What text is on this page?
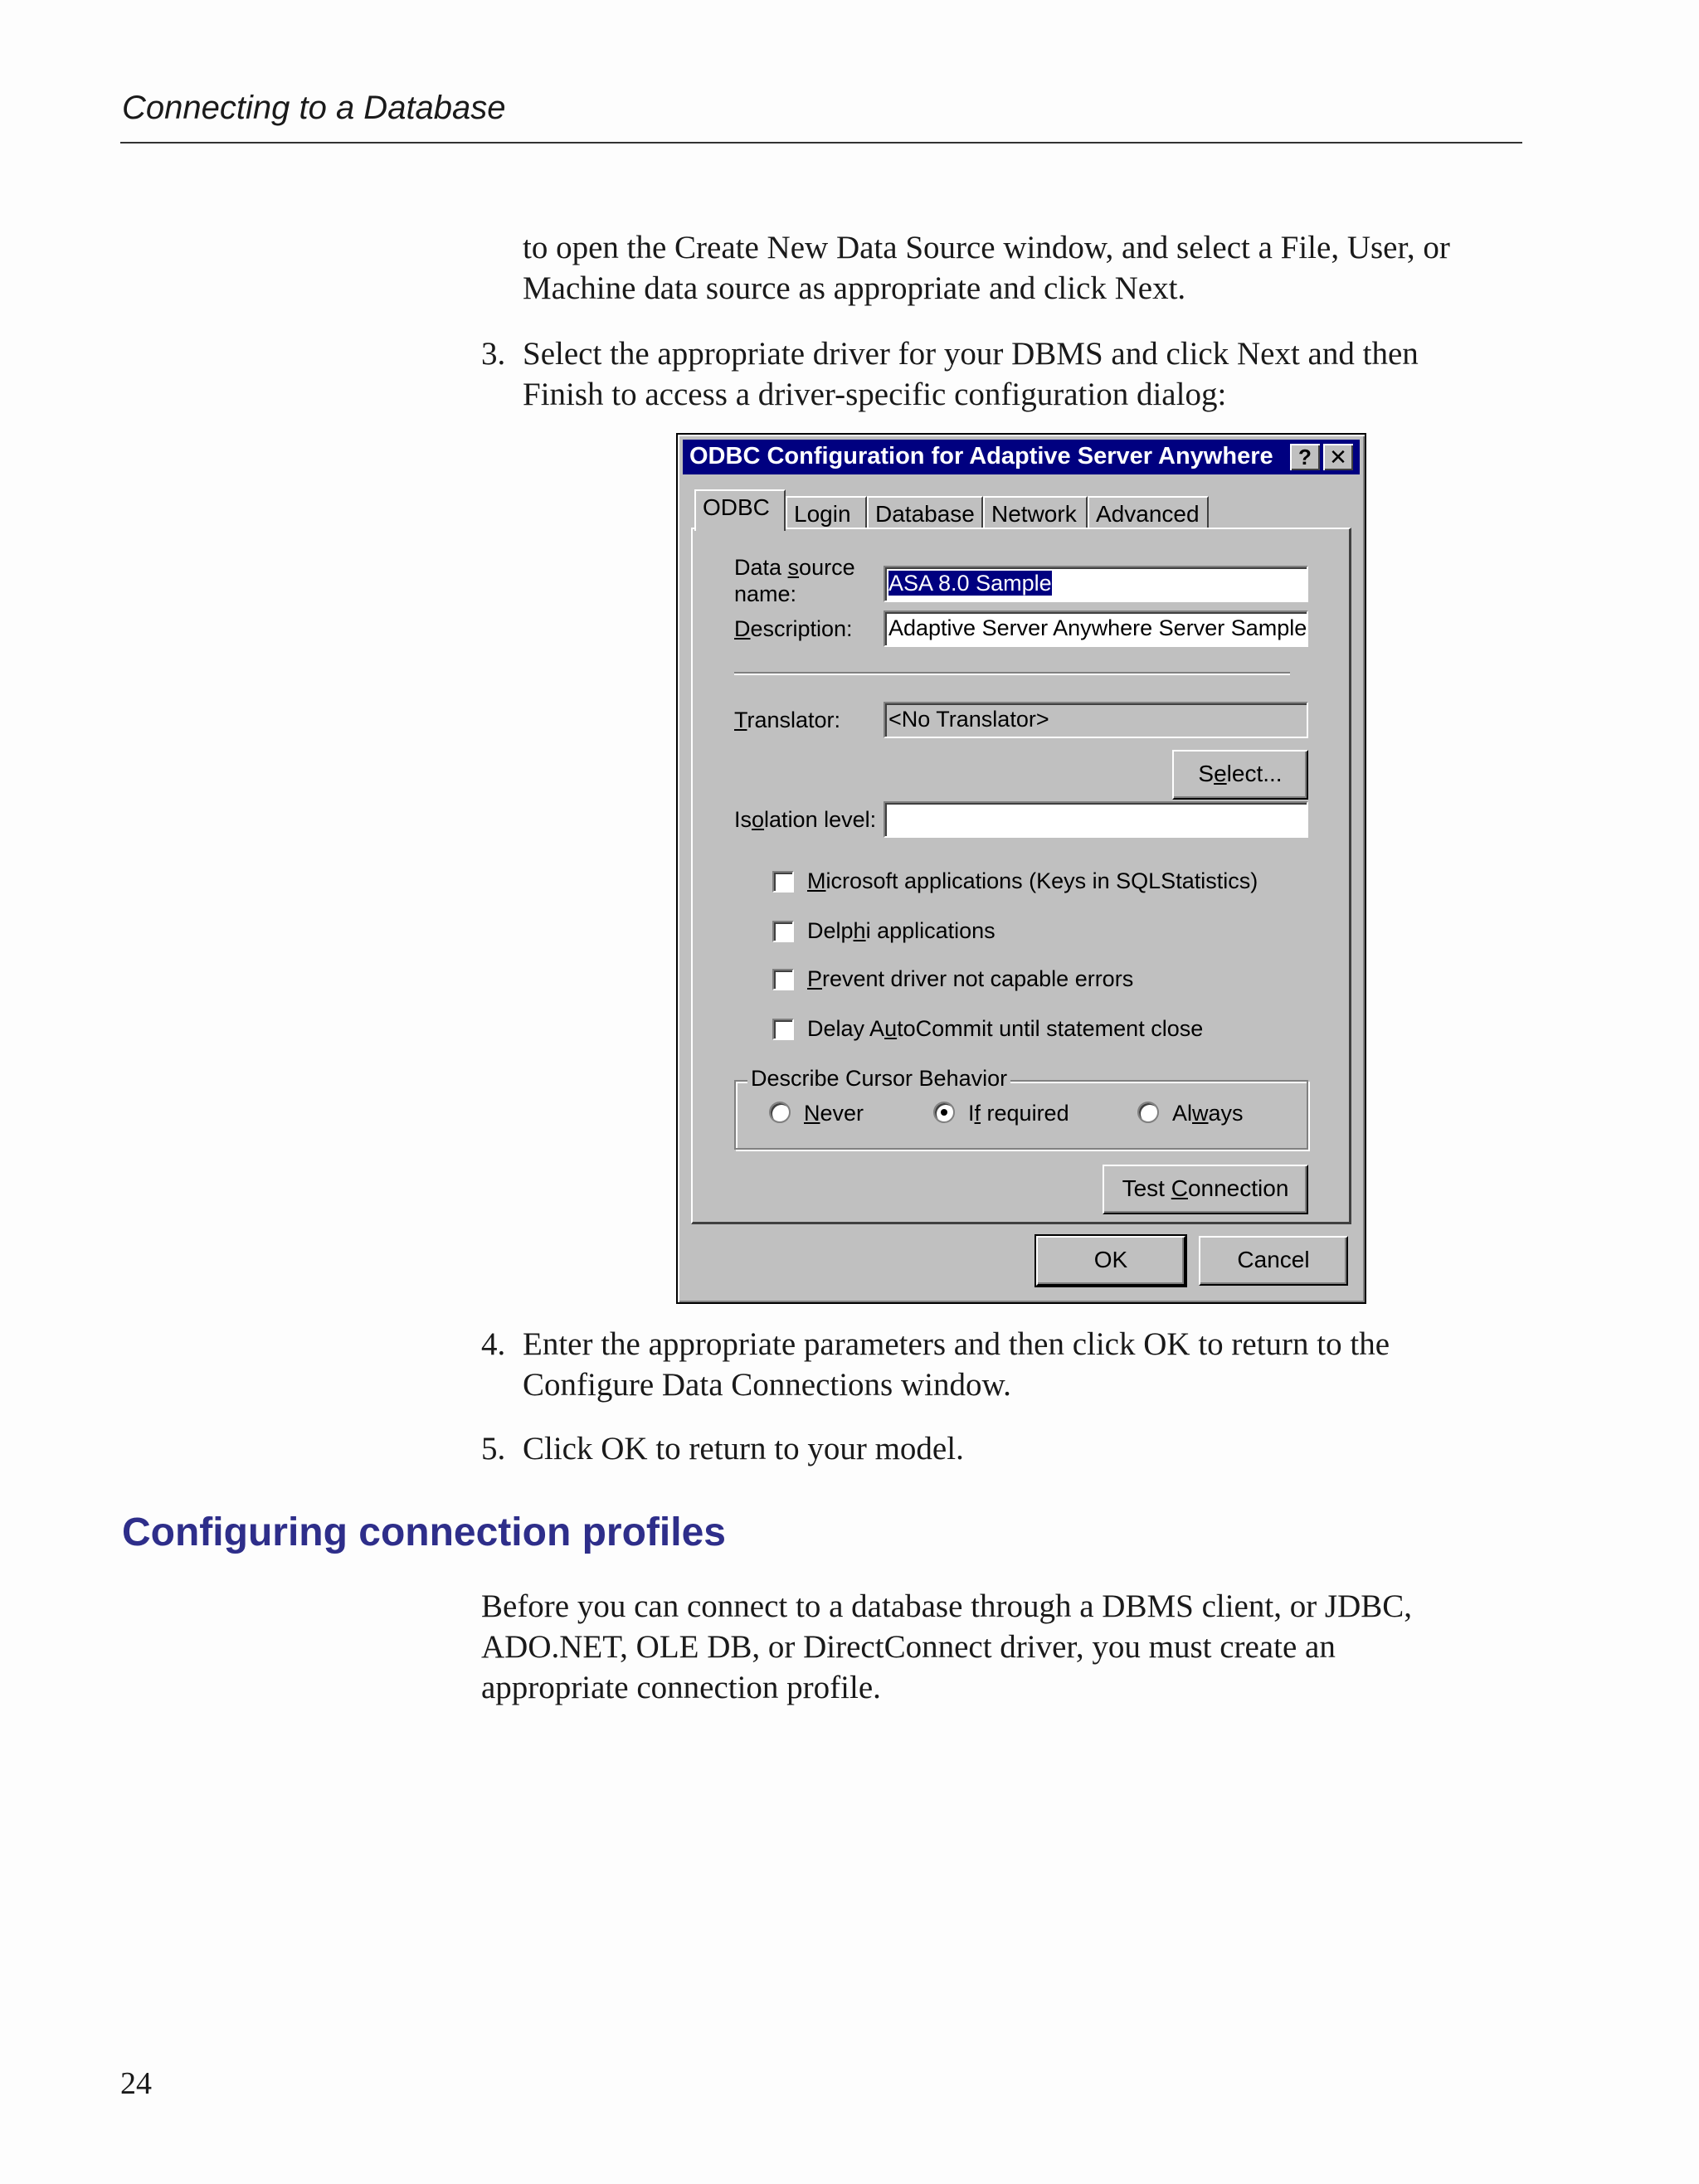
Connecting to a Database

to open the Create New Data Source window, and select a File, User, or
Machine data source as appropriate and click Next.

3. Select the appropriate driver for your DBMS and click Next and then
Finish to access a driver-specific configuration dialog:

ODBC Configuration for Adaptive Server Anywhere	? ✕
ODBC	Login	Database Network Advanced
Data source
name:	ASA 8.0 Sample
Description: Adaptive Server Anywhere Server Sample
Translator: <No Translator>
Select...
Isolation level:
Microsoft applications (Keys in SQLStatistics)
Delphi applications
Prevent driver not capable errors
Delay AutoCommit until statement close
Describe Cursor Behavior
Never	If required	Always
Test Connection
OK	Cancel
4. Enter the appropriate parameters and then click OK to return to the
Configure Data Connections window.

5. Click OK to return to your model.

Configuring connection profiles

Before you can connect to a database through a DBMS client, or JDBC,
ADO.NET, OLE DB, or DirectConnect driver, you must create an
appropriate connection profile.

24
